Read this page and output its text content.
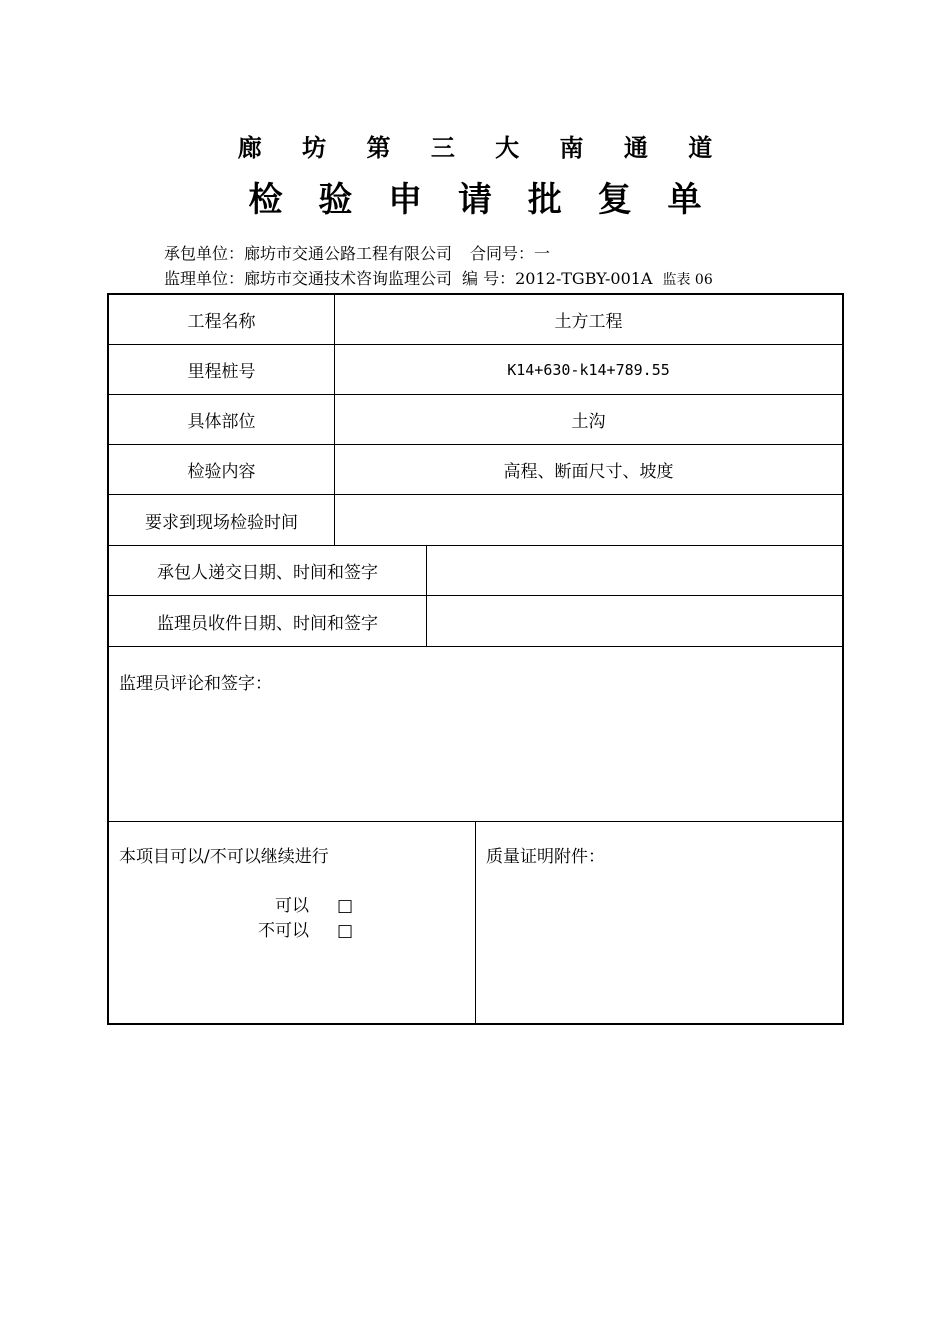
廊 坊 第 三 大 南 通 道
检 验 申 请 批 复 单
承包单位：廊坊市交通公路工程有限公司 合同号：一
监理单位：廊坊市交通技术咨询监理公司 编 号：2012-TGBY-001A 监表 06
工程名称	土方工程
里程桩号	K14+630-k14+789.55
具体部位	土沟
检验内容	高程、断面尺寸、坡度
要求到现场检验时间
承包人递交日期、时间和签字
监理员收件日期、时间和签字
监理员评论和签字：
本项目可以/不可以继续进行
可以 □
不可以 □
质量证明附件：
